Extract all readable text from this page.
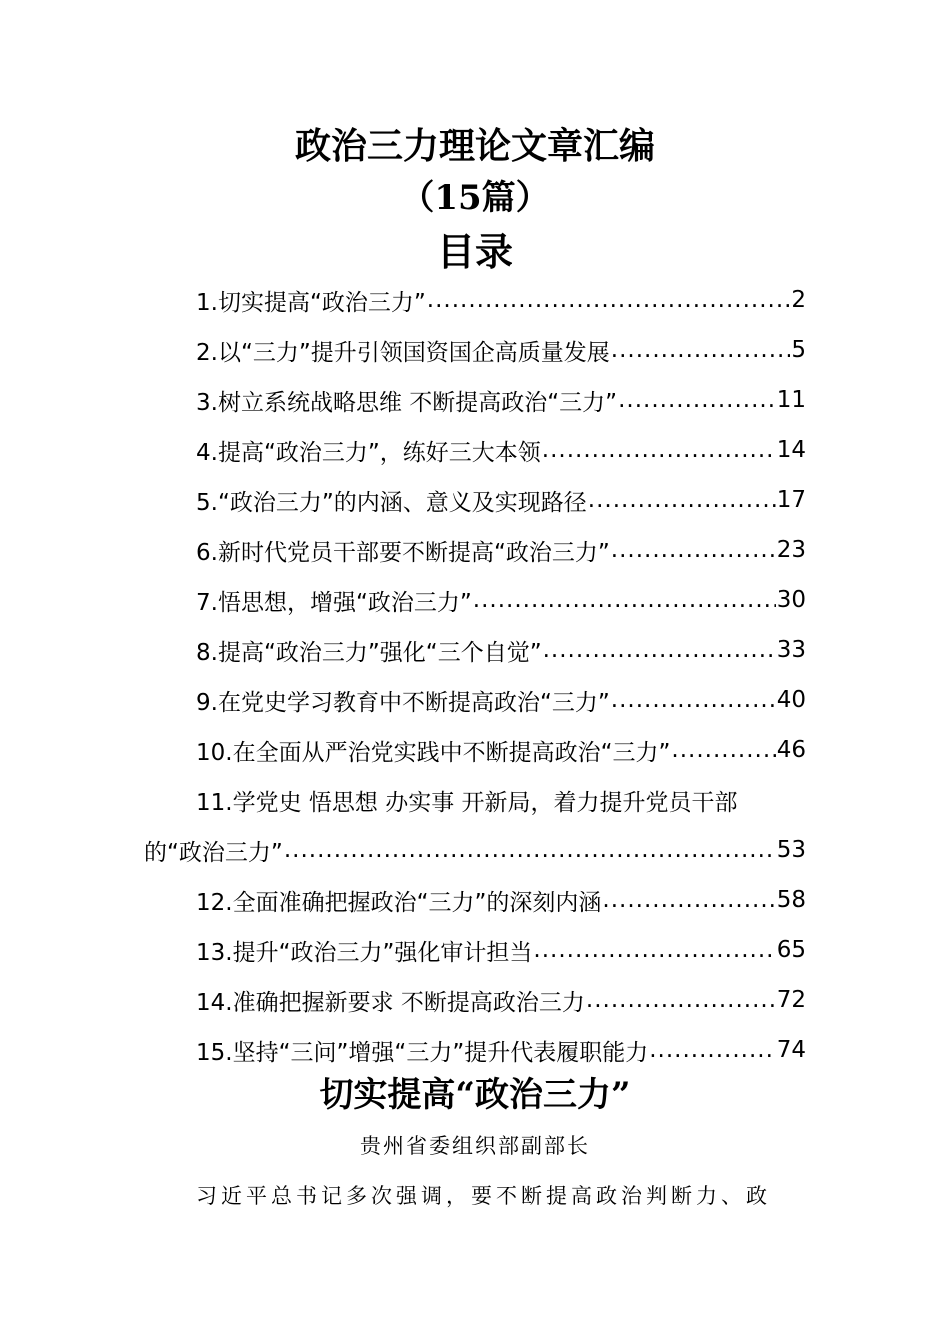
政治三力理论文章汇编
（15篇）
目录
1.切实提高“政治三力” .....	2
2.以“三力”提升引领国资国企高质量发展 .....	5
3.树立系统战略思维 不断提高政治“三力” .....	11
4.提高“政治三力”，练好三大本领 .....	14
5.“政治三力”的内涵、意义及实现路径 .....	17
6.新时代党员干部要不断提高“政治三力” .....	23
7.悟思想，增强“政治三力” .....	30
8.提高“政治三力”强化“三个自觉” .....	33
9.在党史学习教育中不断提高政治“三力” .....	40
10.在全面从严治党实践中不断提高政治“三力” .....	46
11.学党史 悟思想 办实事 开新局，着力提升党员干部
的“政治三力” .....	53
12.全面准确把握政治“三力”的深刻内涵 .....	58
13.提升“政治三力”强化审计担当 .....	65
14.准确把握新要求 不断提高政治三力 .....	72
15.坚持“三问”增强“三力”提升代表履职能力 .....	74
切实提高“政治三力”
贵州省委组织部副部长
习近平总书记多次强调，要不断提高政治判断力、政
